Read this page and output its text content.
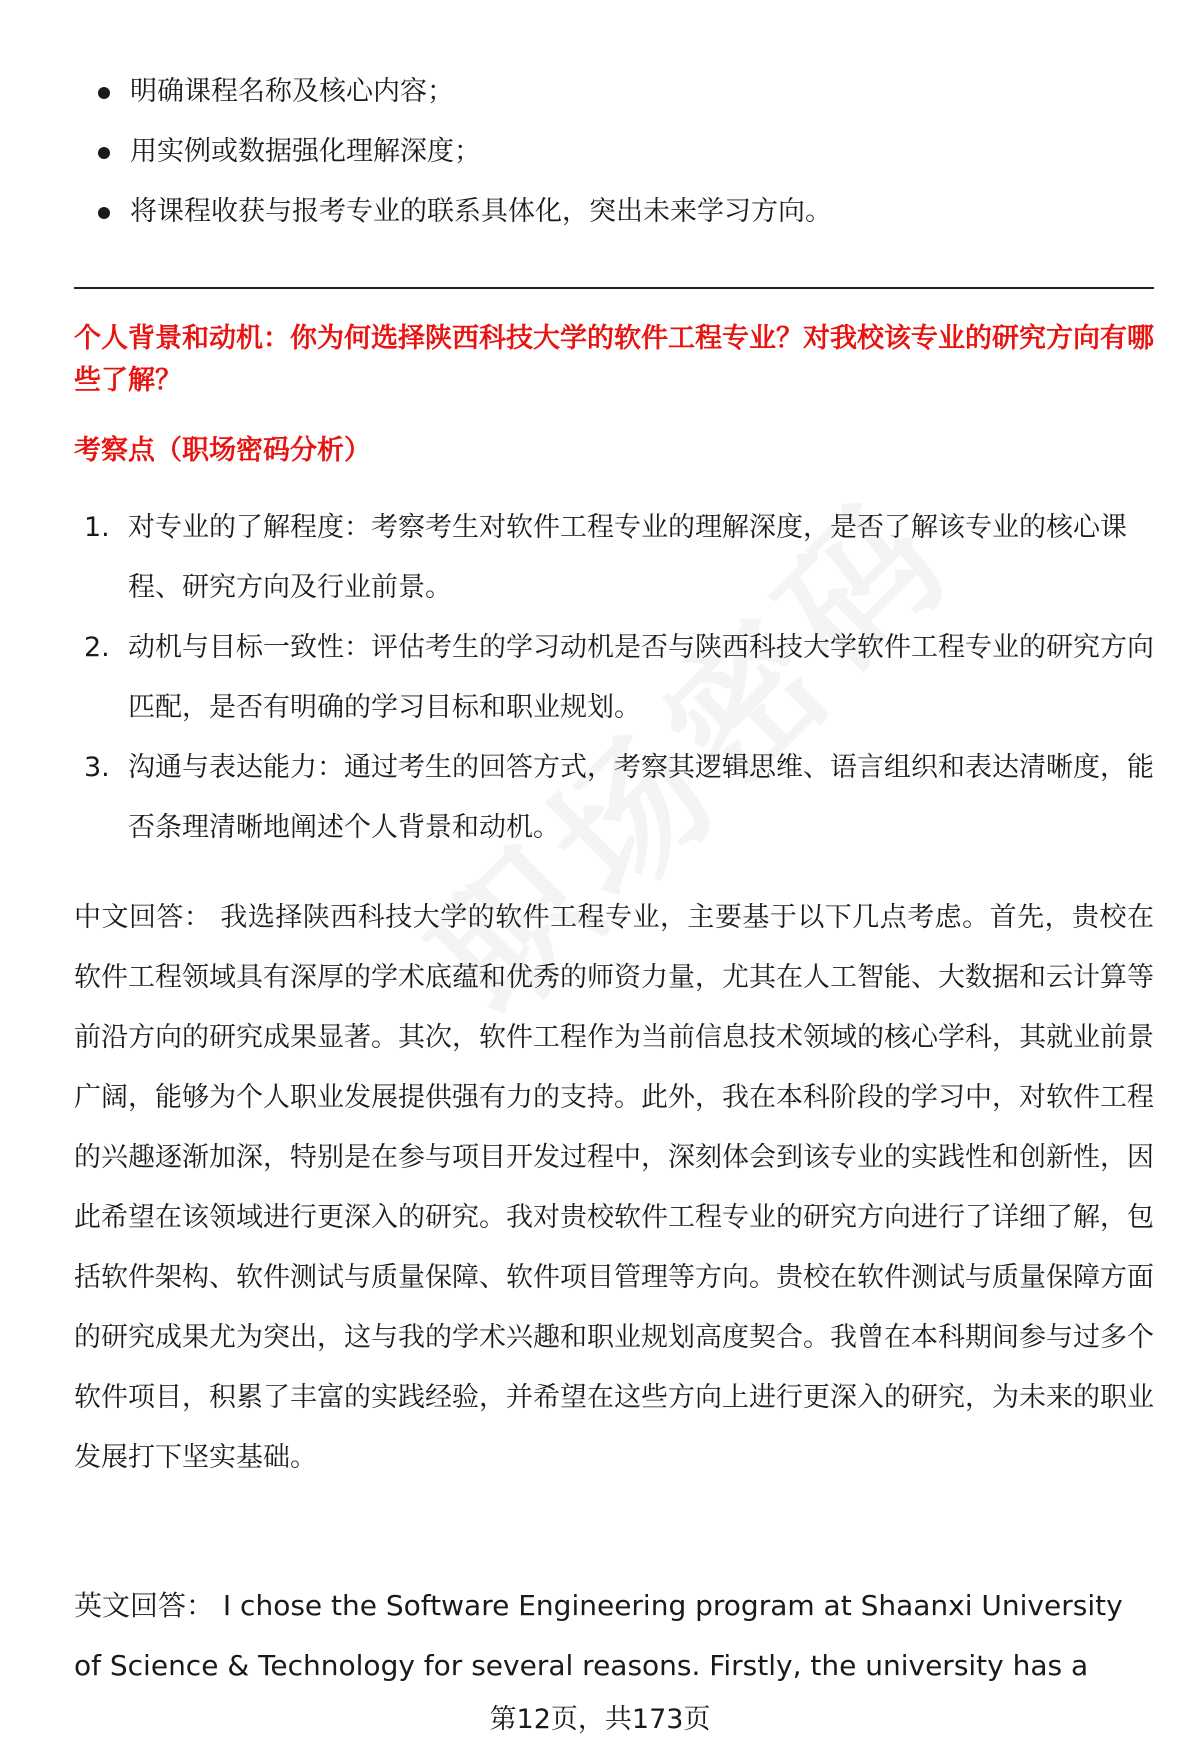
明确课程名称及核心内容；
用实例或数据强化理解深度；
将课程收获与报考专业的联系具体化，突出未来学习方向。

个人背景和动机：你为何选择陕西科技大学的软件工程专业？对我校该专业的研究方向有哪些了解？

考察点（职场密码分析）

1. 对专业的了解程度：考察考生对软件工程专业的理解深度，是否了解该专业的核心课程、研究方向及行业前景。
2. 动机与目标一致性：评估考生的学习动机是否与陕西科技大学软件工程专业的研究方向匹配，是否有明确的学习目标和职业规划。
3. 沟通与表达能力：通过考生的回答方式，考察其逻辑思维、语言组织和表达清晰度，能否条理清晰地阐述个人背景和动机。

中文回答： 我选择陕西科技大学的软件工程专业，主要基于以下几点考虑。首先，贵校在软件工程领域具有深厚的学术底蕴和优秀的师资力量，尤其在人工智能、大数据和云计算等前沿方向的研究成果显著。其次，软件工程作为当前信息技术领域的核心学科，其就业前景广阔，能够为个人职业发展提供强有力的支持。此外，我在本科阶段的学习中，对软件工程的兴趣逐渐加深，特别是在参与项目开发过程中，深刻体会到该专业的实践性和创新性，因此希望在该领域进行更深入的研究。我对贵校软件工程专业的研究方向进行了详细了解，包括软件架构、软件测试与质量保障、软件项目管理等方向。贵校在软件测试与质量保障方面的研究成果尤为突出，这与我的学术兴趣和职业规划高度契合。我曾在本科期间参与过多个软件项目，积累了丰富的实践经验，并希望在这些方向上进行更深入的研究，为未来的职业发展打下坚实基础。

英文回答： I chose the Software Engineering program at Shaanxi University of Science & Technology for several reasons. Firstly, the university has a

第12页，共173页
